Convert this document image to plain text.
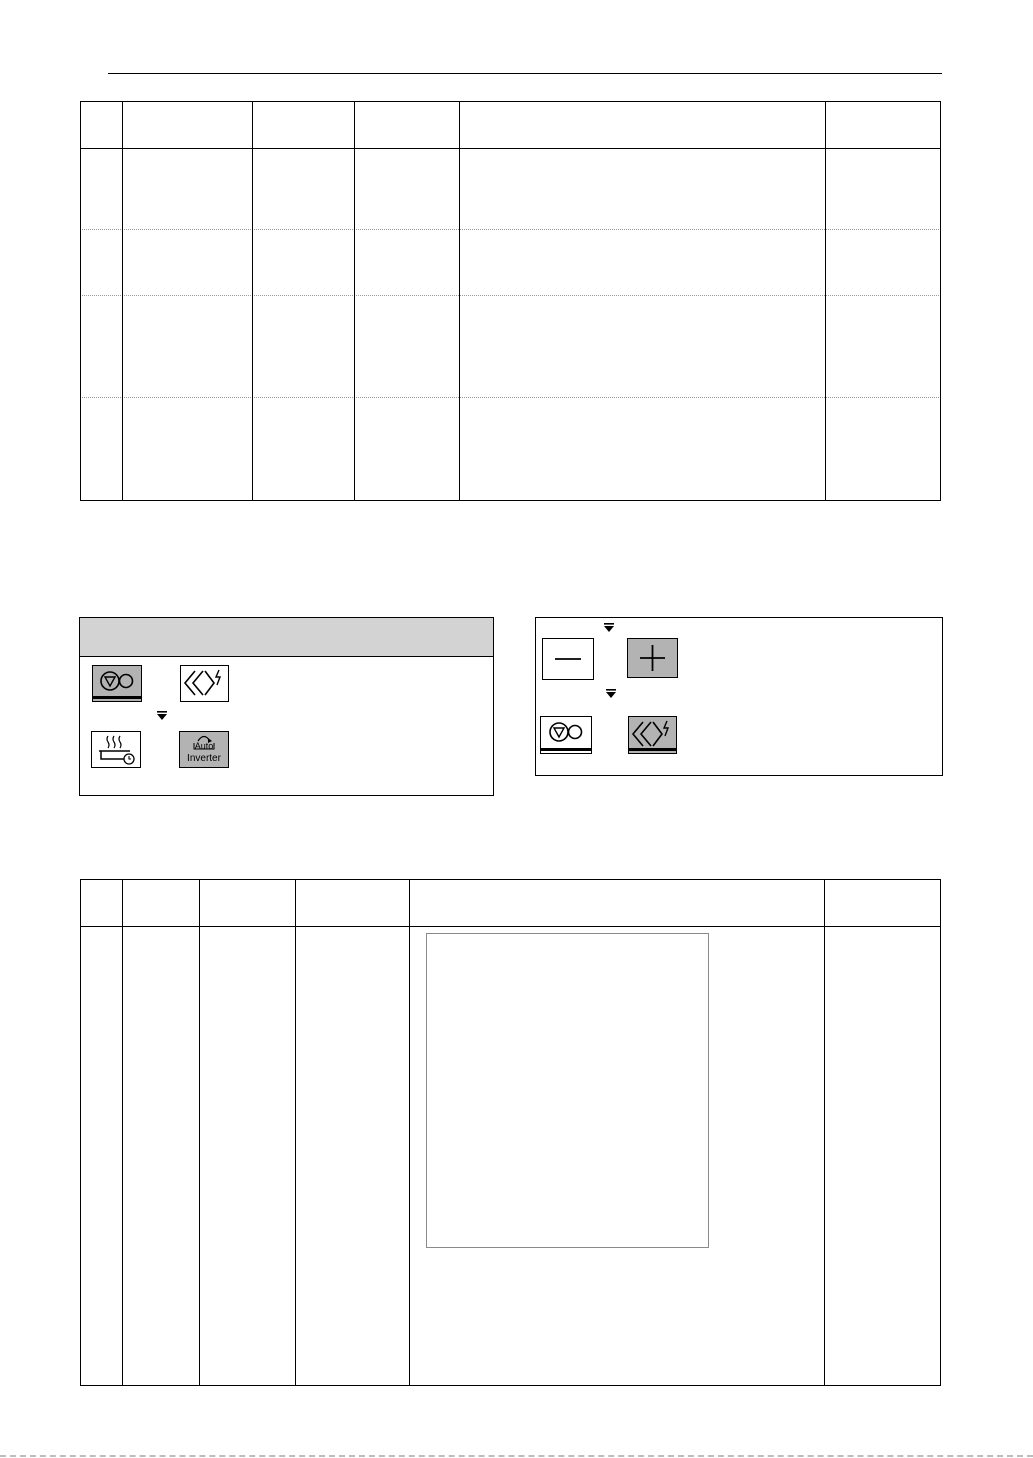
Auto
Inverter
